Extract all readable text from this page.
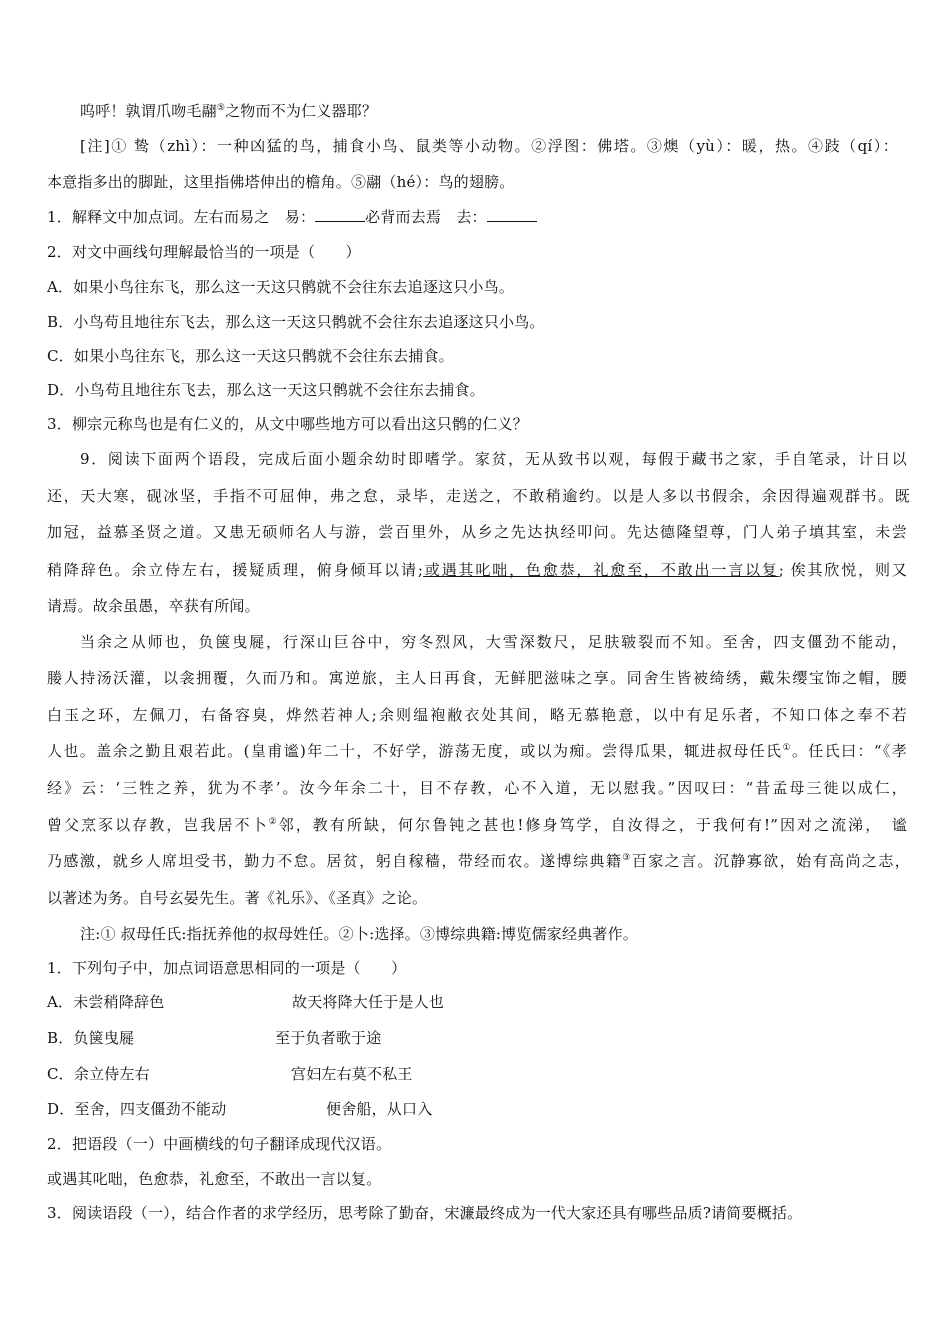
呜呼！孰谓爪吻毛翮⑤之物而不为仁义器耶？
[注]① 鸷（zhì）：一种凶猛的鸟，捕食小鸟、鼠类等小动物。②浮图：佛塔。③燠（yù）：暖，热。④跂（qí）：
本意指多出的脚趾，这里指佛塔伸出的檐角。⑤翮（hé）：鸟的翅膀。
1．解释文中加点词。左右而易之　易：	必背而去焉　去：
2．对文中画线句理解最恰当的一项是（　　）
A．如果小鸟往东飞，那么这一天这只鹘就不会往东去追逐这只小鸟。
B．小鸟苟且地往东飞去，那么这一天这只鹘就不会往东去追逐这只小鸟。
C．如果小鸟往东飞，那么这一天这只鹘就不会往东去捕食。
D．小鸟苟且地往东飞去，那么这一天这只鹘就不会往东去捕食。
3．柳宗元称鸟也是有仁义的，从文中哪些地方可以看出这只鹘的仁义？
9．阅读下面两个语段，完成后面小题余幼时即嗜学。家贫，无从致书以观，每假于藏书之家，手自笔录，计日以
还，天大寒，砚冰坚，手指不可屈伸，弗之怠，录毕，走送之，不敢稍逾约。以是人多以书假余，余因得遍观群书。既
加冠，益慕圣贤之道。又患无硕师名人与游，尝百里外，从乡之先达执经叩问。先达德隆望尊，门人弟子填其室，未尝
稍降辞色。余立侍左右，援疑质理，俯身倾耳以请;或遇其叱咄，色愈恭，礼愈至，不敢出一言以复; 俟其欣悦，则又
请焉。故余虽愚，卒获有所闻。
当余之从师也，负箧曳屣，行深山巨谷中，穷冬烈风，大雪深数尺，足肤皲裂而不知。至舍，四支僵劲不能动，
媵人持汤沃灌，以衾拥覆，久而乃和。寓逆旅，主人日再食，无鲜肥滋味之享。同舍生皆被绮绣，戴朱缨宝饰之帽，腰
白玉之环，左佩刀，右备容臭，烨然若神人;余则缊袍敝衣处其间，略无慕艳意，以中有足乐者，不知口体之奉不若
人也。盖余之勤且艰若此。(皇甫谧)年二十，不好学，游荡无度，或以为痴。尝得瓜果，辄进叔母任氏①。任氏曰：“《孝
经》云：‘三牲之养，犹为不孝’。汝今年余二十，目不存教，心不入道，无以慰我。”因叹曰：“昔孟母三徙以成仁，
曾父烹豕以存教，岂我居不卜②邻，教有所缺，何尔鲁钝之甚也!修身笃学，自汝得之，于我何有!”因对之流涕，　谧
乃感激，就乡人席坦受书，勤力不怠。居贫，躬自稼穑，带经而农。遂博综典籍③百家之言。沉静寡欲，始有高尚之志，
以著述为务。自号玄晏先生。著《礼乐》、《圣真》之论。
注:① 叔母任氏:指抚养他的叔母姓任。②卜:选择。③博综典籍:博览儒家经典著作。
1．下列句子中，加点词语意思相同的一项是（　　）
A．未尝稍降辞色	故天将降大任于是人也
B．负箧曳屣	至于负者歌于途
C．余立侍左右	宫妇左右莫不私王
D．至舍，四支僵劲不能动	便舍船，从口入
2．把语段（一）中画横线的句子翻译成现代汉语。
或遇其叱咄，色愈恭，礼愈至，不敢出一言以复。
3．阅读语段（一），结合作者的求学经历，思考除了勤奋，宋濂最终成为一代大家还具有哪些品质?请简要概括。
